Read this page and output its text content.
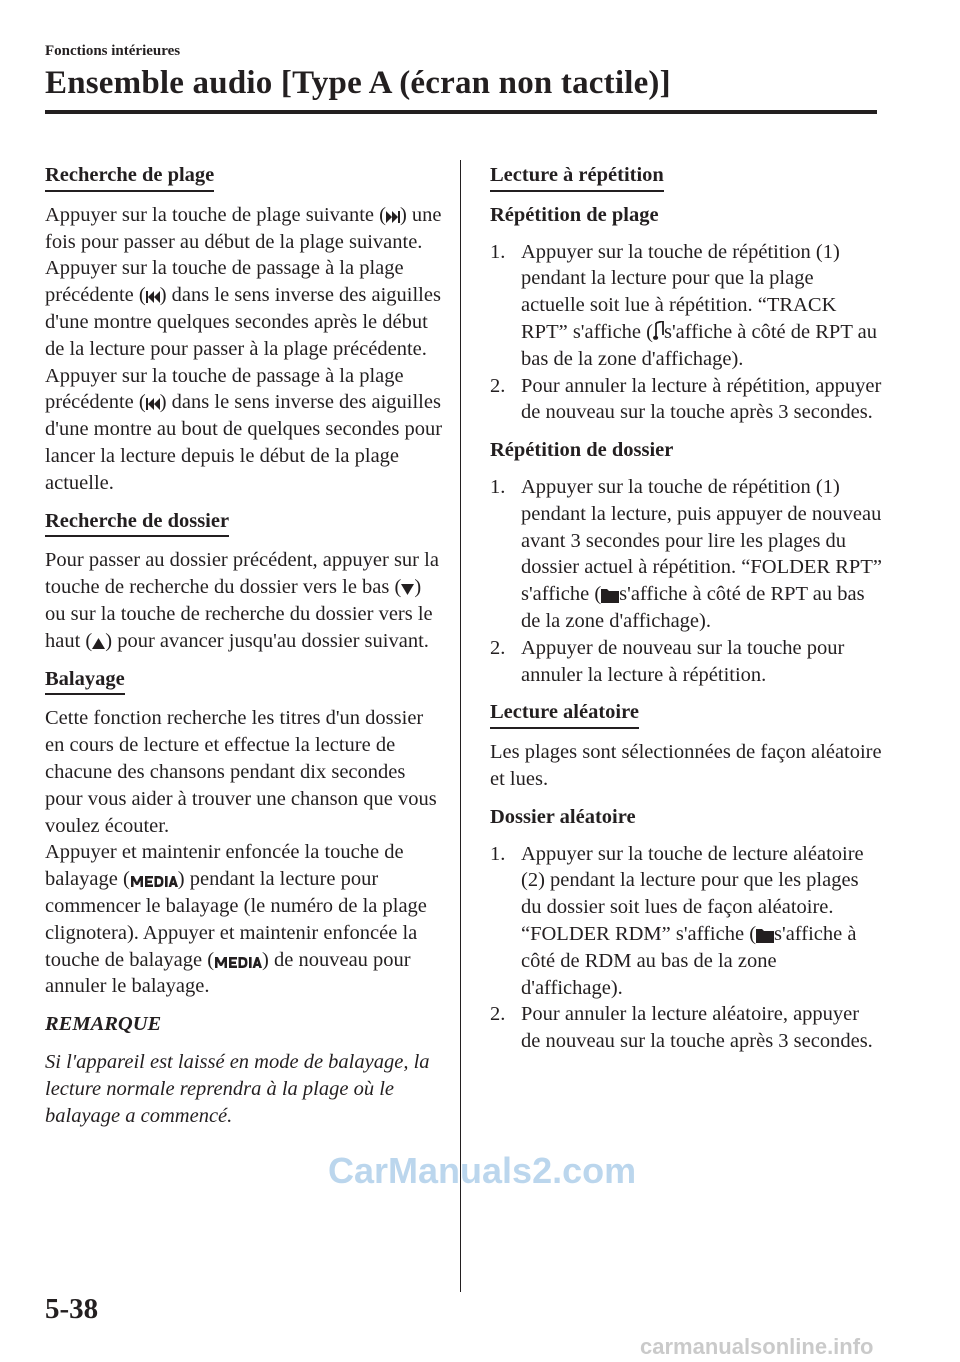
Fonctions intérieures
Ensemble audio [Type A (écran non tactile)]
Recherche de plage

Appuyer sur la touche de plage suivante ( ) une fois pour passer au début de la plage suivante.

Appuyer sur la touche de passage à la plage précédente ( ) dans le sens inverse des aiguilles d'une montre quelques secondes après le début de la lecture pour passer à la plage précédente.

Appuyer sur la touche de passage à la plage précédente ( ) dans le sens inverse des aiguilles d'une montre au bout de quelques secondes pour lancer la lecture depuis le début de la plage actuelle.

Recherche de dossier

Pour passer au dossier précédent, appuyer sur la touche de recherche du dossier vers le bas ( ) ou sur la touche de recherche du dossier vers le haut ( ) pour avancer jusqu'au dossier suivant.

Balayage

Cette fonction recherche les titres d'un dossier en cours de lecture et effectue la lecture de chacune des chansons pendant dix secondes pour vous aider à trouver une chanson que vous voulez écouter.

Appuyer et maintenir enfoncée la touche de balayage ( ) pendant la lecture pour commencer le balayage (le numéro de la plage clignotera). Appuyer et maintenir enfoncée la touche de balayage ( ) de nouveau pour annuler le balayage.

REMARQUE

Si l'appareil est laissé en mode de balayage, la lecture normale reprendra à la plage où le balayage a commencé.

Lecture à répétition
Répétition de plage
1. Appuyer sur la touche de répétition (1) pendant la lecture pour que la plage actuelle soit lue à répétition. “TRACK RPT” s'affiche ( s'affiche à côté de RPT au bas de la zone d'affichage).
2. Pour annuler la lecture à répétition, appuyer de nouveau sur la touche après 3 secondes.
Répétition de dossier
1. Appuyer sur la touche de répétition (1) pendant la lecture, puis appuyer de nouveau avant 3 secondes pour lire les plages du dossier actuel à répétition. “FOLDER RPT” s'affiche ( s'affiche à côté de RPT au bas de la zone d'affichage).
2. Appuyer de nouveau sur la touche pour annuler la lecture à répétition.
Lecture aléatoire

Les plages sont sélectionnées de façon aléatoire et lues.

Dossier aléatoire
1. Appuyer sur la touche de lecture aléatoire (2) pendant la lecture pour que les plages du dossier soit lues de façon aléatoire. “FOLDER RDM” s'affiche ( s'affiche à côté de RDM au bas de la zone d'affichage).
2. Pour annuler la lecture aléatoire, appuyer de nouveau sur la touche après 3 secondes.
5-38
CarManuals2.com
carmanualsonline.info
